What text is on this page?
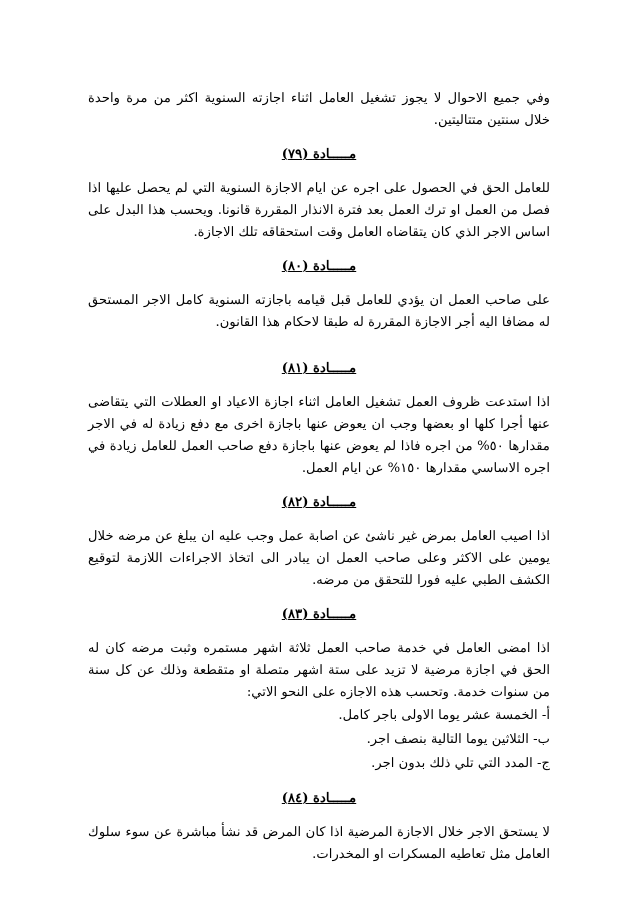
وفي جميع الاحوال لا يجوز تشغيل العامل اثناء اجازته السنوية اكثر من مرة واحدة خلال سنتين متتاليتين.

مـــــادة (٧٩)

للعامل الحق في الحصول على اجره عن ايام الاجازة السنوية التي لم يحصل عليها اذا فصل من العمل او ترك العمل بعد فترة الانذار المقررة قانونا. ويحسب هذا البدل على اساس الاجر الذي كان يتقاضاه العامل وقت استحقاقه تلك الاجازة.

مـــــادة (٨٠)

على صاحب العمل ان يؤدي للعامل قبل قيامه باجازته السنوية كامل الاجر المستحق له مضافا اليه أجر الاجازة المقررة له طبقا لاحكام هذا القانون.

مـــــادة (٨١)

اذا استدعت ظروف العمل تشغيل العامل اثناء اجازة الاعياد او العطلات التي يتقاضى عنها أجرا كلها او بعضها وجب ان يعوض عنها باجازة اخرى مع دفع زيادة له في الاجر مقدارها ٥٠% من اجره فاذا لم يعوض عنها باجازة دفع صاحب العمل للعامل زيادة في اجره الاساسي مقدارها ١٥٠% عن ايام العمل.

مـــــادة (٨٢)

اذا اصيب العامل بمرض غير ناشئ عن اصابة عمل وجب عليه ان يبلغ عن مرضه خلال يومين على الاكثر وعلى صاحب العمل ان يبادر الى اتخاذ الاجراءات اللازمة لتوقيع الكشف الطبي عليه فورا للتحقق من مرضه.

مـــــادة (٨٣)

اذا امضى العامل في خدمة صاحب العمل ثلاثة اشهر مستمره وثبت مرضه كان له الحق في اجازة مرضية لا تزيد على ستة اشهر متصلة او متقطعة وذلك عن كل سنة من سنوات خدمة. وتحسب هذه الاجازه على النحو الاتي:

أ- الخمسة عشر يوما الاولى باجر كامل.

ب- الثلاثين يوما التالية بنصف اجر.

ج- المدد التي تلي ذلك بدون اجر.

مـــــادة (٨٤)

لا يستحق الاجر خلال الاجازة المرضية اذا كان المرض قد نشأ مباشرة عن سوء سلوك العامل مثل تعاطيه المسكرات او المخدرات.
